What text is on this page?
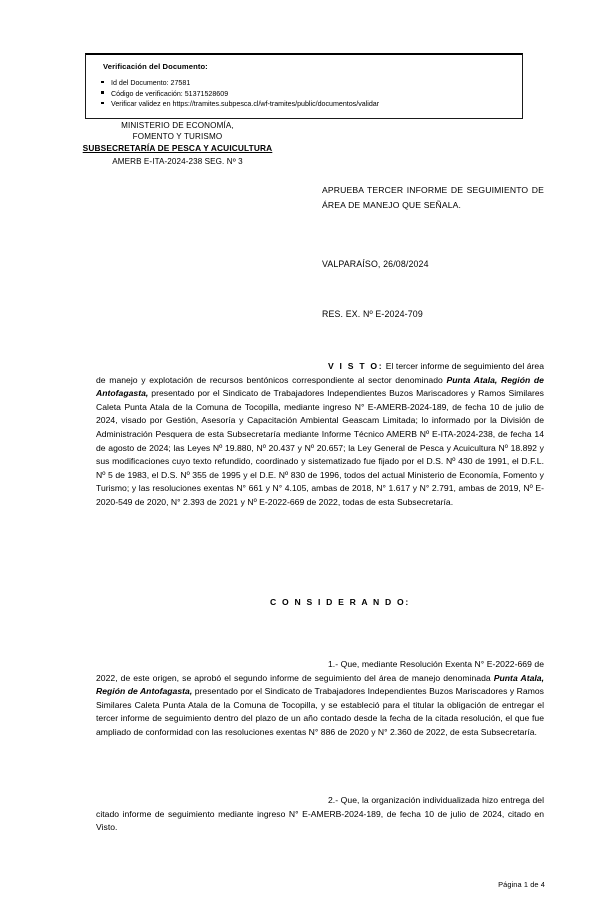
Verificación del Documento:
Id del Documento: 27581
Código de verificación: 51371528609
Verificar validez en https://tramites.subpesca.cl/wf-tramites/public/documentos/validar
MINISTERIO DE ECONOMÍA,
FOMENTO Y TURISMO
SUBSECRETARÍA DE PESCA Y ACUICULTURA
AMERB E-ITA-2024-238 SEG. Nº 3
APRUEBA TERCER INFORME DE SEGUIMIENTO DE ÁREA DE MANEJO QUE SEÑALA.
VALPARAÍSO, 26/08/2024
RES. EX. Nº E-2024-709

V I S T O: El tercer informe de seguimiento del área de manejo y explotación de recursos bentónicos correspondiente al sector denominado Punta Atala, Región de Antofagasta, presentado por el Sindicato de Trabajadores Independientes Buzos Mariscadores y Ramos Similares Caleta Punta Atala de la Comuna de Tocopilla, mediante ingreso N° E-AMERB-2024-189, de fecha 10 de julio de 2024, visado por Gestión, Asesoría y Capacitación Ambiental Geascam Limitada; lo informado por la División de Administración Pesquera de esta Subsecretaría mediante Informe Técnico AMERB Nº E-ITA-2024-238, de fecha 14 de agosto de 2024; las Leyes Nº 19.880, Nº 20.437 y Nº 20.657; la Ley General de Pesca y Acuicultura Nº 18.892 y sus modificaciones cuyo texto refundido, coordinado y sistematizado fue fijado por el D.S. Nº 430 de 1991, el D.F.L. Nº 5 de 1983, el D.S. Nº 355 de 1995 y el D.E. Nº 830 de 1996, todos del actual Ministerio de Economía, Fomento y Turismo; y las resoluciones exentas N° 661 y N° 4.105, ambas de 2018, N° 1.617 y N° 2.791, ambas de 2019, Nº E-2020-549 de 2020, N° 2.393 de 2021 y Nº E-2022-669 de 2022, todas de esta Subsecretaría.

C O N S I D E R A N D O:

1.- Que, mediante Resolución Exenta N° E-2022-669 de 2022, de este origen, se aprobó el segundo informe de seguimiento del área de manejo denominada Punta Atala, Región de Antofagasta, presentado por el Sindicato de Trabajadores Independientes Buzos Mariscadores y Ramos Similares Caleta Punta Atala de la Comuna de Tocopilla, y se estableció para el titular la obligación de entregar el tercer informe de seguimiento dentro del plazo de un año contado desde la fecha de la citada resolución, el que fue ampliado de conformidad con las resoluciones exentas N° 886 de 2020 y N° 2.360 de 2022, de esta Subsecretaría.

2.- Que, la organización individualizada hizo entrega del citado informe de seguimiento mediante ingreso N° E-AMERB-2024-189, de fecha 10 de julio de 2024, citado en Visto.

Página 1 de 4
